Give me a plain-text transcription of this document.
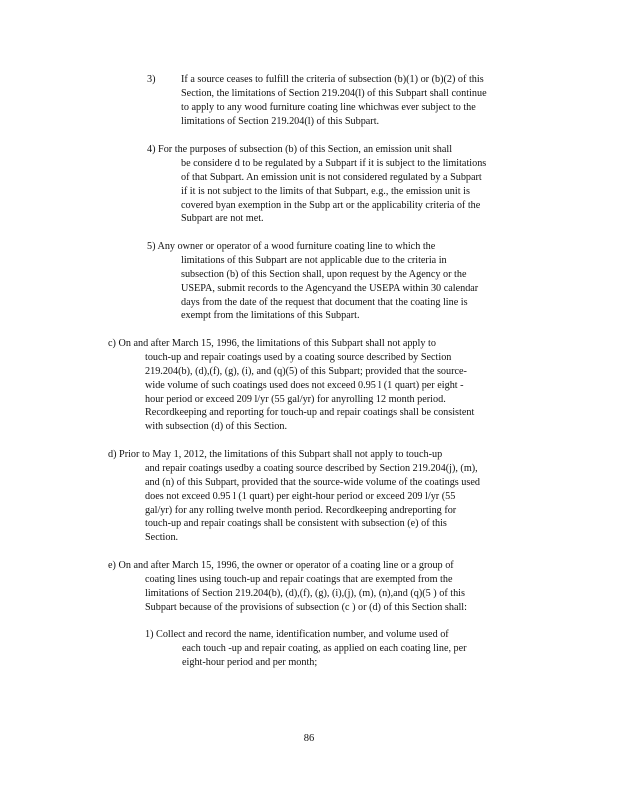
3)	If a source ceases to fulfill the criteria of subsection (b)(1) or (b)(2) of this
Section, the limitations of Section 219.204(l) of this Subpart shall continue
to apply to any wood furniture coating line whichwas ever subject to the
limitations of Section 219.204(l) of this Subpart.
4) For the purposes of subsection (b) of this Section, an emission unit shall
be considere d to be regulated by a Subpart if it is subject to the limitations
of that Subpart. An emission unit is not considered regulated by a Subpart
if it is not subject to the limits of that Subpart, e.g., the emission unit is
covered byan exemption in the Subp art or the applicability criteria of the
Subpart are not met.
5) Any owner or operator of a wood furniture coating line to which the
limitations of this Subpart are not applicable due to the criteria in
subsection (b) of this Section shall, upon request by the Agency or the
USEPA, submit records to the Agencyand the USEPA within 30 calendar
days from the date of the request that document that the coating line is
exempt from the limitations of this Subpart.
c) On and after March 15, 1996, the limitations of this Subpart shall not apply to
touch-up and repair coatings used by a coating source described by Section
219.204(b), (d),(f), (g), (i), and (q)(5) of this Subpart; provided that the source-
wide volume of such coatings used does not exceed 0.95 l (1 quart) per eight -
hour period or exceed 209 l/yr (55 gal/yr) for anyrolling 12 month period.
Recordkeeping and reporting for touch-up and repair coatings shall be consistent
with subsection (d) of this Section.
d) Prior to May 1, 2012, the limitations of this Subpart shall not apply to touch-up
and repair coatings usedby a coating source described by Section 219.204(j), (m),
and (n) of this Subpart, provided that the source-wide volume of the coatings used
does not exceed 0.95 l (1 quart) per eight-hour period or exceed 209 l/yr (55
gal/yr) for any rolling twelve month period. Recordkeeping andreporting for
touch-up and repair coatings shall be consistent with subsection (e) of this
Section.
e) On and after March 15, 1996, the owner or operator of a coating line or a group of
coating lines using touch-up and repair coatings that are exempted from the
limitations of Section 219.204(b), (d),(f), (g), (i),(j), (m), (n),and (q)(5 ) of this
Subpart because of the provisions of subsection (c ) or (d) of this Section shall:
1) Collect and record the name, identification number, and volume used of
each touch -up and repair coating, as applied on each coating line, per
eight-hour period and per month;
86
